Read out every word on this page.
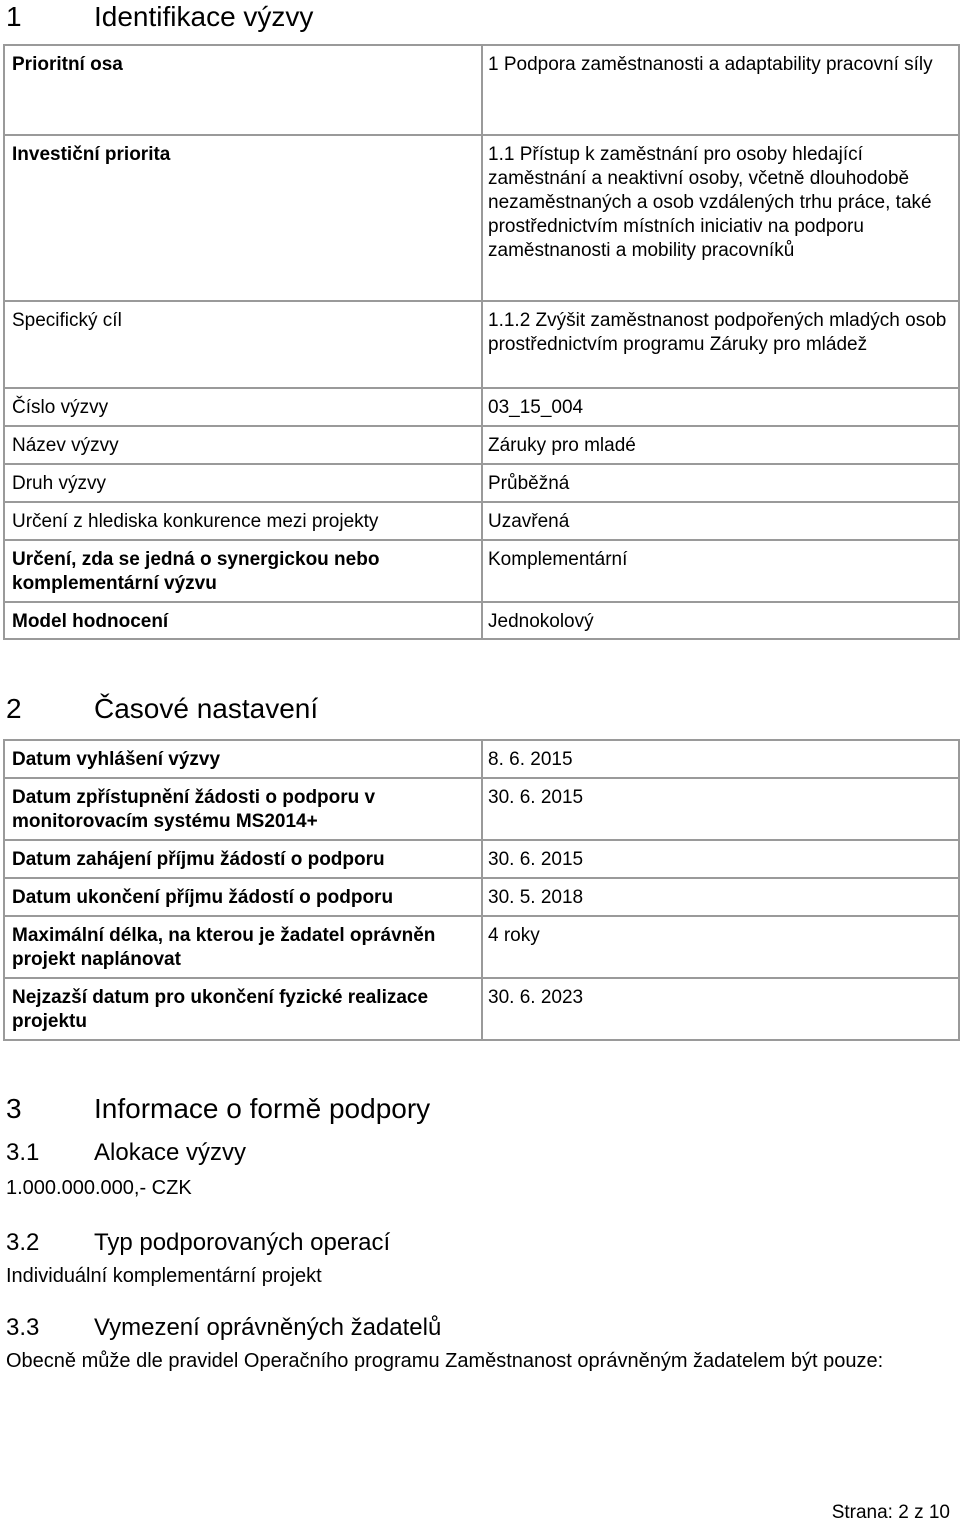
1	Identifikace výzvy
Prioritní osa	1 Podpora zaměstnanosti a adaptability pracovní síly
Investiční priorita	1.1 Přístup k zaměstnání pro osoby hledající zaměstnání a neaktivní osoby, včetně dlouhodobě nezaměstnaných a osob vzdálených trhu práce, také prostřednictvím místních iniciativ na podporu zaměstnanosti a mobility pracovníků
Specifický cíl	1.1.2 Zvýšit zaměstnanost podpořených mladých osob prostřednictvím programu Záruky pro mládež
Číslo výzvy	03_15_004
Název výzvy	Záruky pro mladé
Druh výzvy	Průběžná
Určení z hlediska konkurence mezi projekty	Uzavřená
Určení, zda se jedná o synergickou nebo komplementární výzvu	Komplementární
Model hodnocení	Jednokolový
2	Časové nastavení
Datum vyhlášení výzvy	8. 6. 2015
Datum zpřístupnění žádosti o podporu v monitorovacím systému MS2014+	30. 6. 2015
Datum zahájení příjmu žádostí o podporu	30. 6. 2015
Datum ukončení příjmu žádostí o podporu	30. 5. 2018
Maximální délka, na kterou je žadatel oprávněn projekt naplánovat	4 roky
Nejzazší datum pro ukončení fyzické realizace projektu	30. 6. 2023
3	Informace o formě podpory
3.1 Alokace výzvy

1.000.000.000,- CZK

3.2 Typ podporovaných operací

Individuální komplementární projekt

3.3 Vymezení oprávněných žadatelů

Obecně může dle pravidel Operačního programu Zaměstnanost oprávněným žadatelem být pouze:

Strana: 2 z 10
